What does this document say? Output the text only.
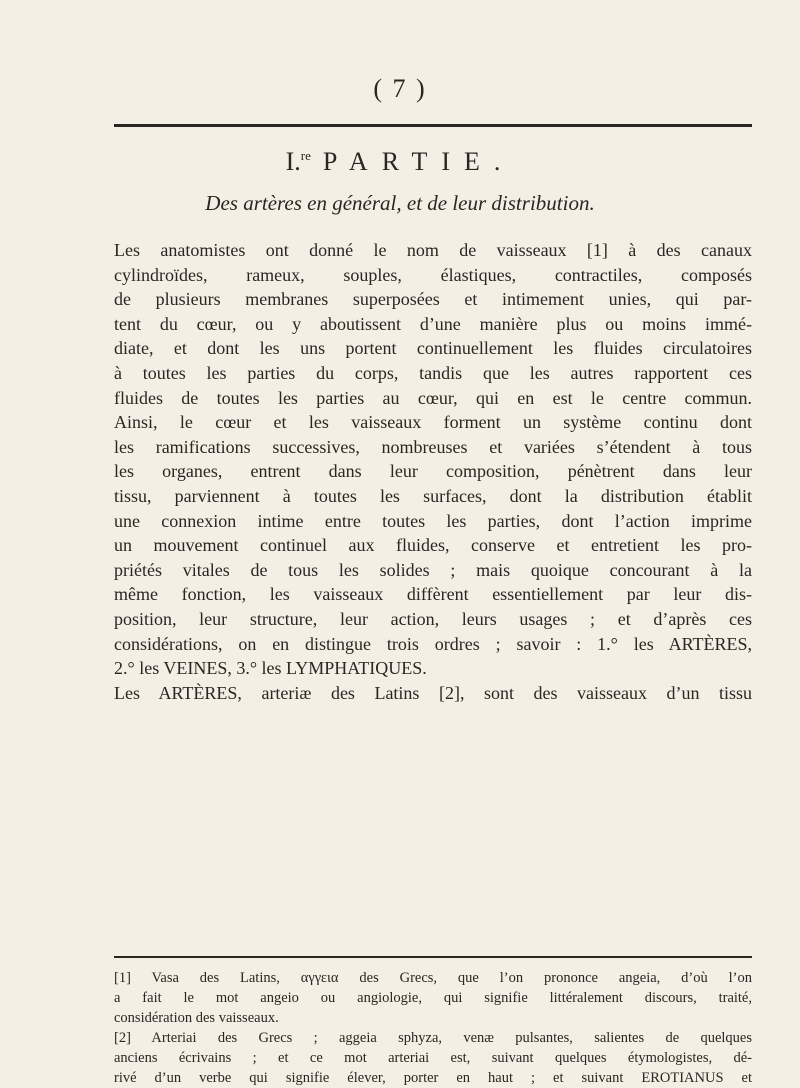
( 7 )
I.$^{re}$ PARTIE.
Des artères en général, et de leur distribution.
Les anatomistes ont donné le nom de vaisseaux [1] à des canaux
cylindroïdes, rameux, souples, élastiques, contractiles, composés
de plusieurs membranes superposées et intimement unies, qui par-
tent du cœur, ou y aboutissent d’une manière plus ou moins immé-
diate, et dont les uns portent continuellement les fluides circulatoires
à toutes les parties du corps, tandis que les autres rapportent ces
fluides de toutes les parties au cœur, qui en est le centre commun.
Ainsi, le cœur et les vaisseaux forment un système continu dont
les ramifications successives, nombreuses et variées s’étendent à tous
les organes, entrent dans leur composition, pénètrent dans leur
tissu, parviennent à toutes les surfaces, dont la distribution établit
une connexion intime entre toutes les parties, dont l’action imprime
un mouvement continuel aux fluides, conserve et entretient les pro-
priétés vitales de tous les solides ; mais quoique concourant à la
même fonction, les vaisseaux diffèrent essentiellement par leur dis-
position, leur structure, leur action, leurs usages ; et d’après ces
considérations, on en distingue trois ordres ; savoir : 1.° les ARTÈRES,
2.° les VEINES, 3.° les LYMPHATIQUES.
Les ARTÈRES, arteriæ des Latins [2], sont des vaisseaux d’un tissu
[1] Vasa des Latins, αγγεια des Grecs, que l’on prononce angeia, d’où l’on
a fait le mot angeio ou angiologie, qui signifie littéralement discours, traité,
considération des vaisseaux.
[2] Arteriai des Grecs ; aggeia sphyza, venæ pulsantes, salientes de quelques
anciens écrivains ; et ce mot arteriai est, suivant quelques étymologistes, dé-
rivé d’un verbe qui signifie élever, porter en haut ; et suivant EROTIANUS et
